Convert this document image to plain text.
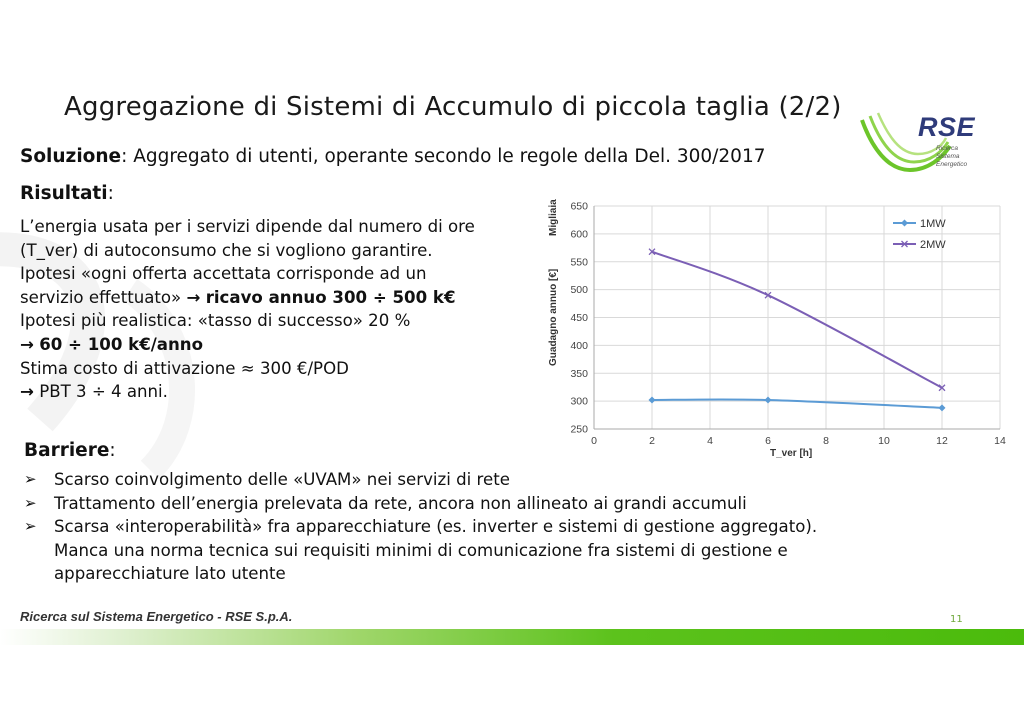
Aggregazione di Sistemi di Accumulo di piccola taglia (2/2)
Soluzione: Aggregato di utenti, operante secondo le regole della Del. 300/2017
RSE
Ricerca
Sistema
Energetico
Risultati:
L’energia usata per i servizi dipende dal numero di ore
(T_ver) di autoconsumo che si vogliono garantire.
Ipotesi «ogni offerta accettata corrisponde ad un
servizio effettuato» → ricavo annuo 300 ÷ 500 k€
Ipotesi più realistica: «tasso di successo» 20 %
→ 60 ÷ 100 k€/anno
Stima costo di attivazione ≈ 300 €/POD
→ PBT 3 ÷ 4 anni.
250
300
350
400
450
500
550
600
650
0	2	4	6	8	10	12	14
1MW
2MW
Guadagno annuo [€]
Migliaia
T_ver [h]
Barriere:
➢ Scarso coinvolgimento delle «UVAM» nei servizi di rete
➢ Trattamento dell’energia prelevata da rete, ancora non allineato ai grandi accumuli
➢ Scarsa «interoperabilità» fra apparecchiature (es. inverter e sistemi di gestione aggregato).
Manca una norma tecnica sui requisiti minimi di comunicazione fra sistemi di gestione e
apparecchiature lato utente
Ricerca sul Sistema Energetico - RSE S.p.A.	11
